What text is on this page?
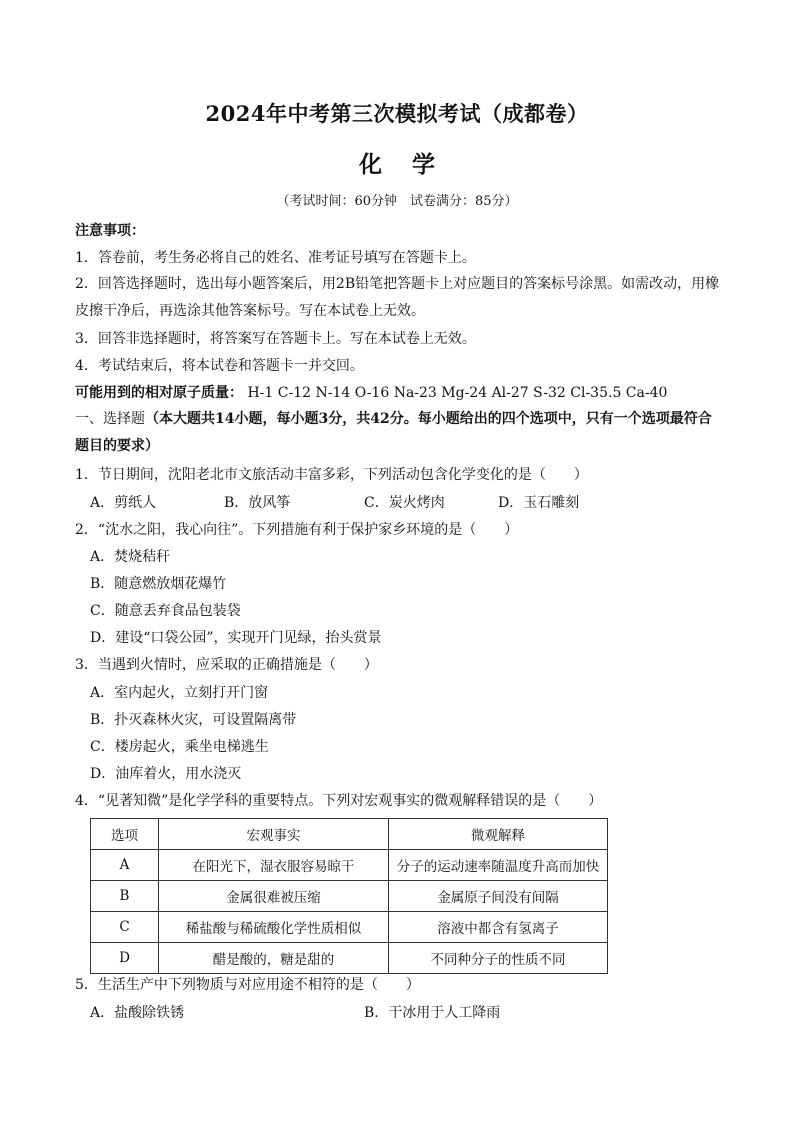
2024年中考第三次模拟考试（成都卷）
化学
（考试时间：60分钟　试卷满分：85分）
注意事项：
1．答卷前，考生务必将自己的姓名、准考证号填写在答题卡上。
2．回答选择题时，选出每小题答案后，用2B铅笔把答题卡上对应题目的答案标号涂黑。如需改动，用橡皮擦干净后，再选涂其他答案标号。写在本试卷上无效。
3．回答非选择题时，将答案写在答题卡上。写在本试卷上无效。
4．考试结束后，将本试卷和答题卡一并交回。
可能用到的相对原子质量： H-1 C-12 N-14 O-16 Na-23 Mg-24 Al-27 S-32 Cl-35.5 Ca-40
一、选择题（本大题共14小题，每小题3分，共42分。每小题给出的四个选项中，只有一个选项最符合题目的要求）
1．节日期间，沈阳老北市文旅活动丰富多彩，下列活动包含化学变化的是（　　）
A．剪纸人	B．放风筝	C．炭火烤肉	D．玉石雕刻
2．“沈水之阳，我心向往”。下列措施有利于保护家乡环境的是（　　）
A．焚烧秸秆
B．随意燃放烟花爆竹
C．随意丢弃食品包装袋
D．建设“口袋公园”，实现开门见绿，抬头赏景
3．当遇到火情时，应采取的正确措施是（　　）
A．室内起火，立刻打开门窗
B．扑灭森林火灾，可设置隔离带
C．楼房起火，乘坐电梯逃生
D．油库着火，用水浇灭
4．“见著知微”是化学学科的重要特点。下列对宏观事实的微观解释错误的是（　　）
选项	宏观事实	微观解释
A	在阳光下，湿衣服容易晾干	分子的运动速率随温度升高而加快
B	金属很难被压缩	金属原子间没有间隔
C	稀盐酸与稀硫酸化学性质相似	溶液中都含有氢离子
D	醋是酸的，糖是甜的	不同种分子的性质不同
5．生活生产中下列物质与对应用途不相符的是（　　）
A．盐酸除铁锈	B．干冰用于人工降雨
